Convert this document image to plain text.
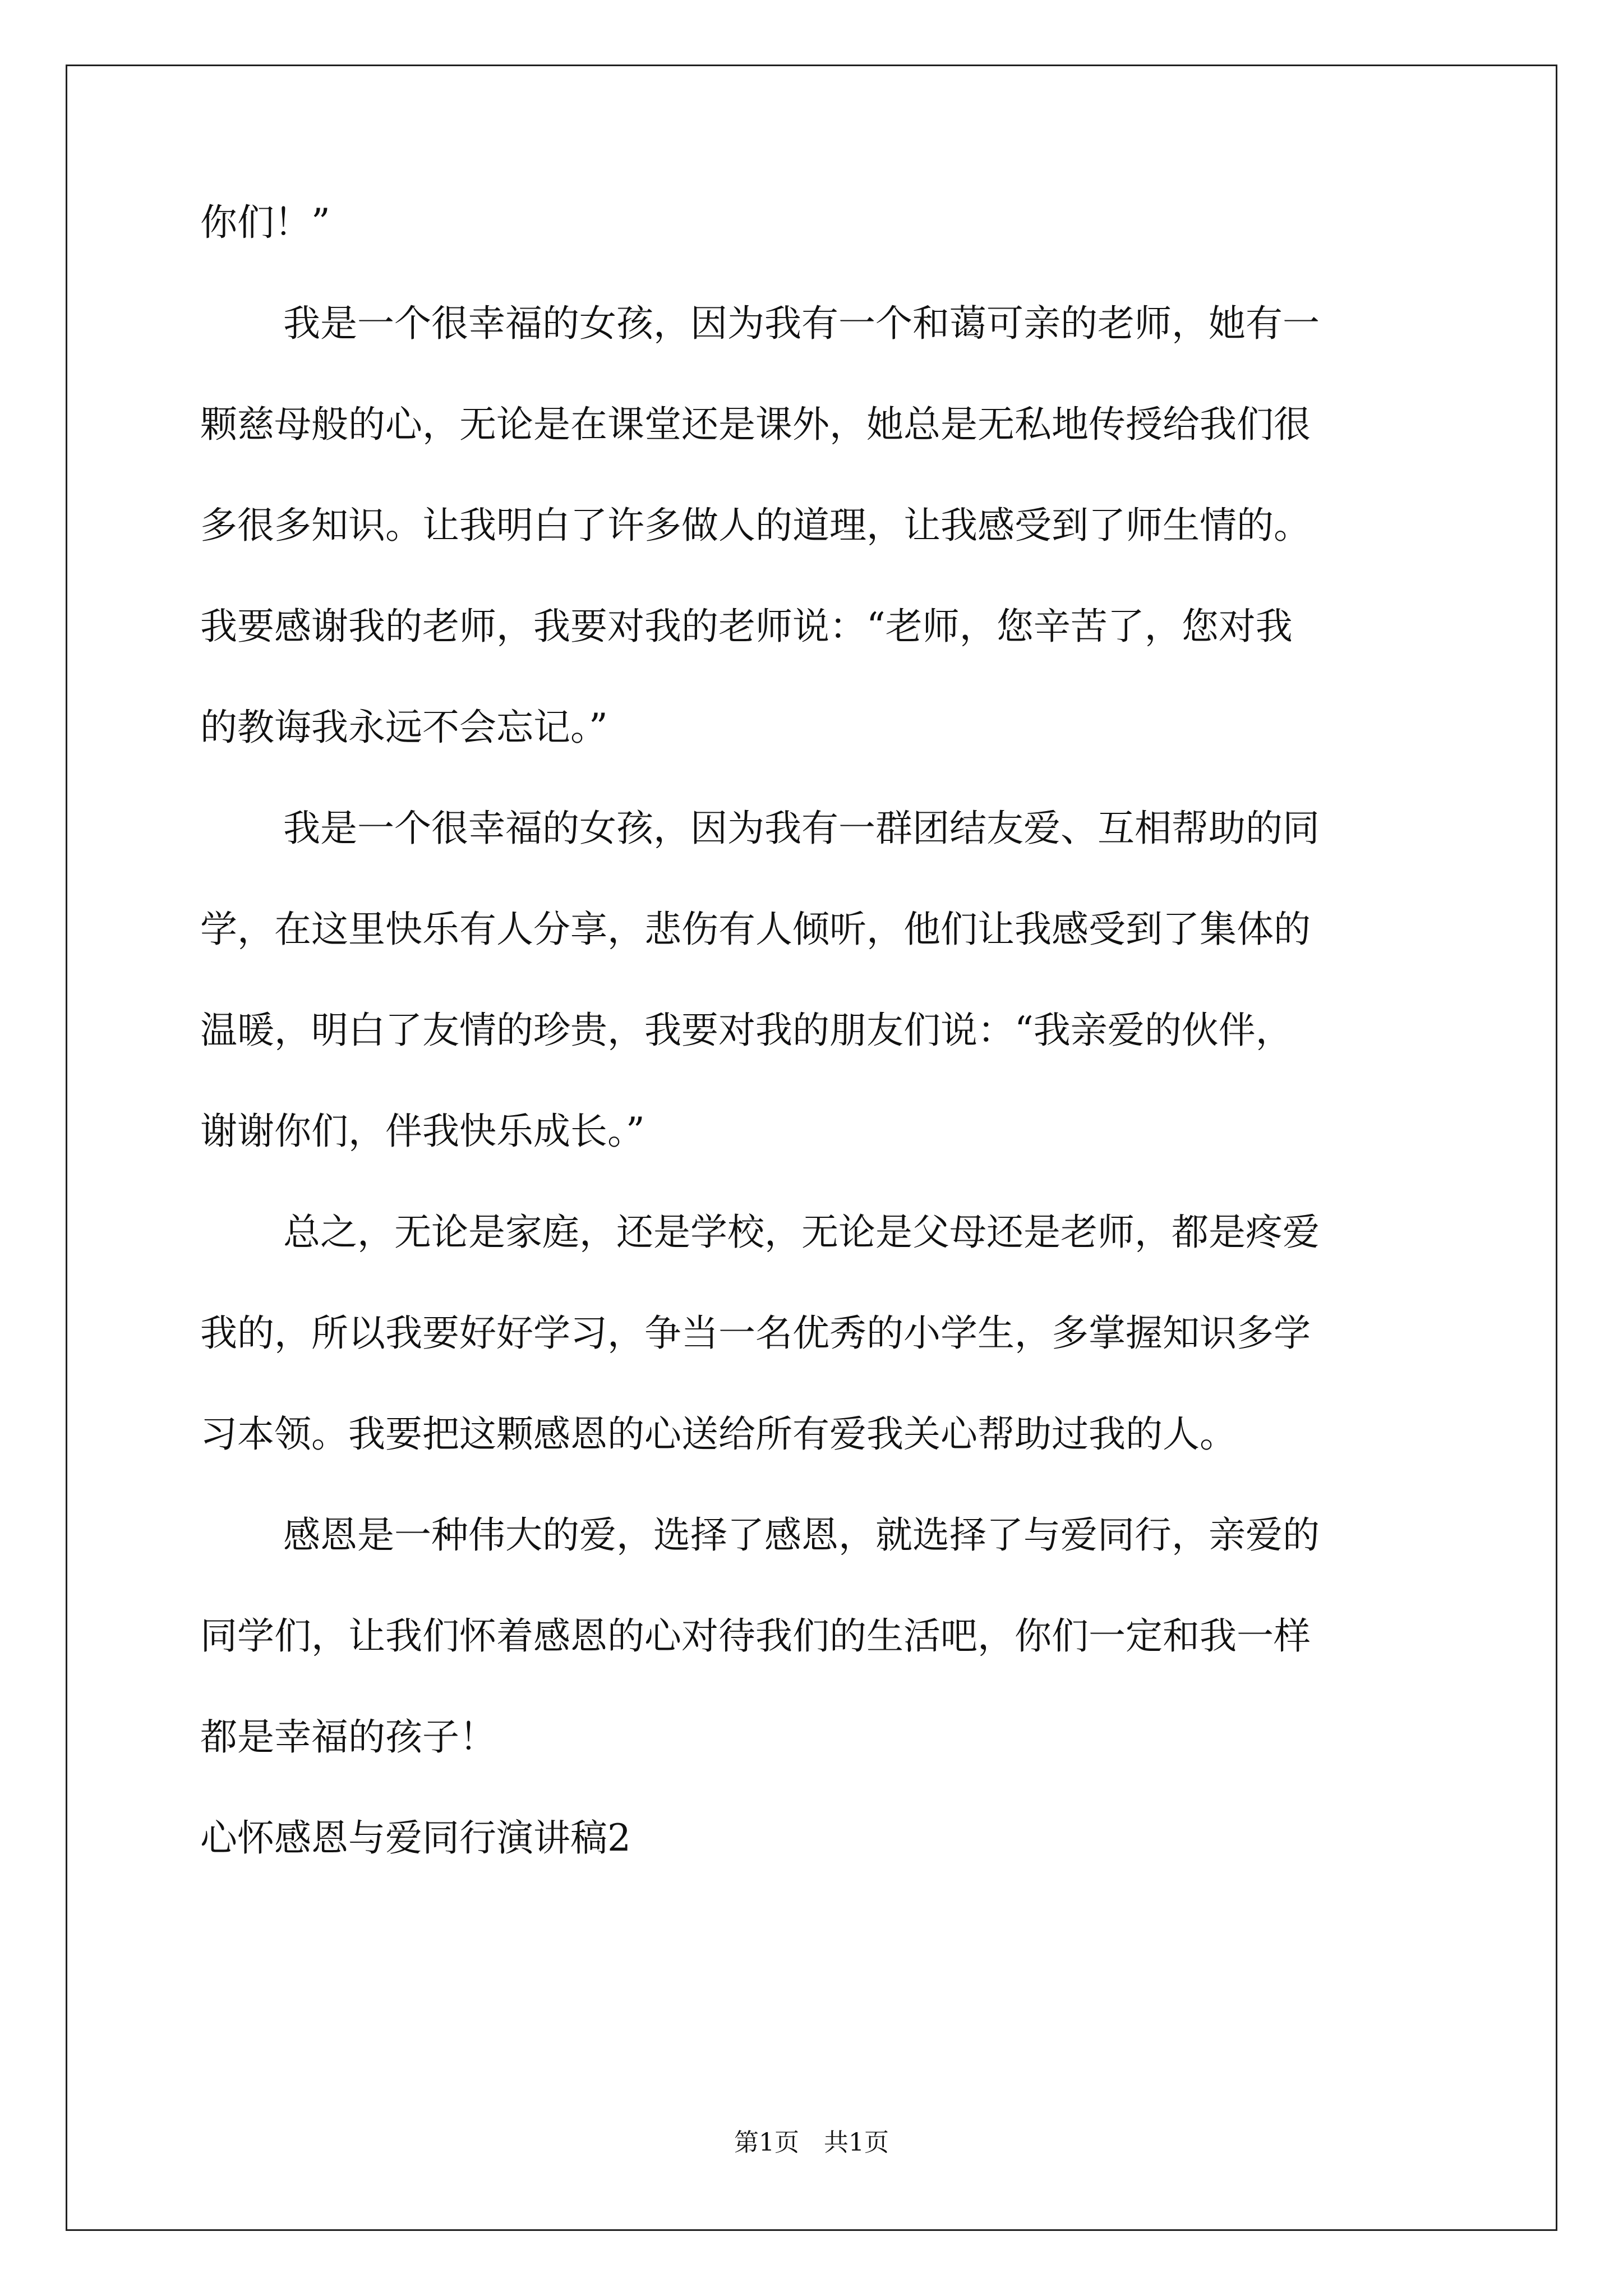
你们！”
我是一个很幸福的女孩，因为我有一个和蔼可亲的老师，她有一
颗慈母般的心，无论是在课堂还是课外，她总是无私地传授给我们很
多很多知识。让我明白了许多做人的道理，让我感受到了师生情的。
我要感谢我的老师，我要对我的老师说：“老师，您辛苦了，您对我
的教诲我永远不会忘记。”
我是一个很幸福的女孩，因为我有一群团结友爱、互相帮助的同
学，在这里快乐有人分享，悲伤有人倾听，他们让我感受到了集体的
温暖，明白了友情的珍贵，我要对我的朋友们说：“我亲爱的伙伴，
谢谢你们，伴我快乐成长。”
总之，无论是家庭，还是学校，无论是父母还是老师，都是疼爱
我的，所以我要好好学习，争当一名优秀的小学生，多掌握知识多学
习本领。我要把这颗感恩的心送给所有爱我关心帮助过我的人。
感恩是一种伟大的爱，选择了感恩，就选择了与爱同行，亲爱的
同学们，让我们怀着感恩的心对待我们的生活吧，你们一定和我一样
都是幸福的孩子！
心怀感恩与爱同行演讲稿2
第1页　共1页
